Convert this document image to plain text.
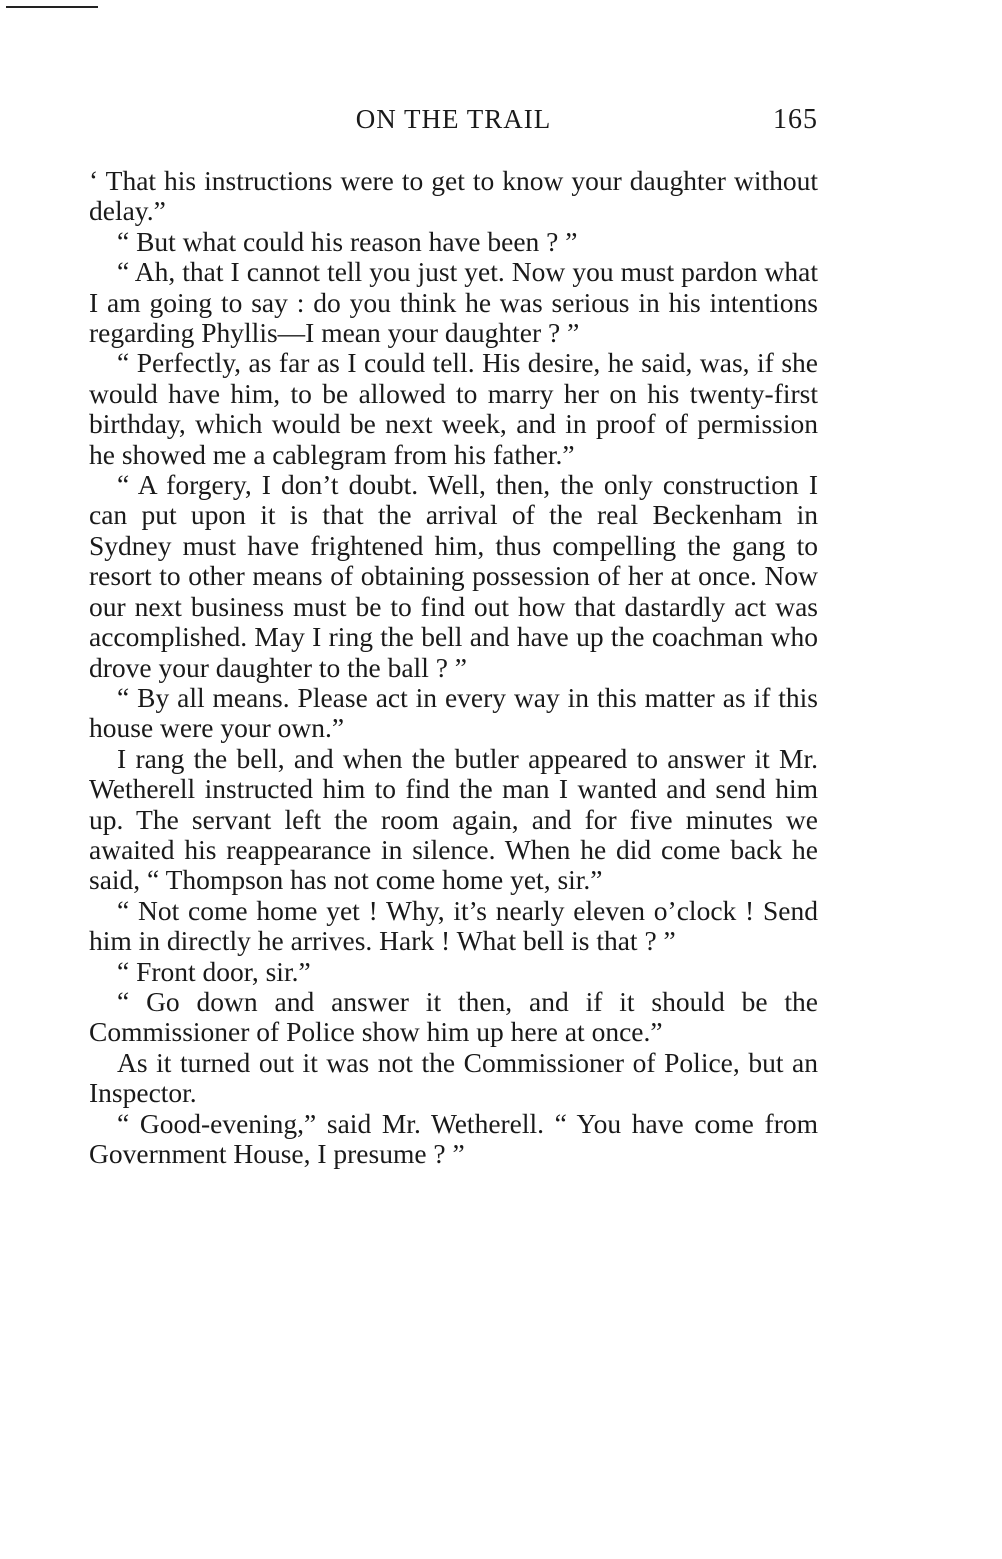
ON THE TRAIL	165

‘ That his instructions were to get to know your daughter without delay.”

“ But what could his reason have been ? ”

“ Ah, that I cannot tell you just yet. Now you must pardon what I am going to say : do you think he was serious in his intentions regarding Phyllis—I mean your daughter ? ”

“ Perfectly, as far as I could tell. His desire, he said, was, if she would have him, to be allowed to marry her on his twenty-first birthday, which would be next week, and in proof of permission he showed me a cablegram from his father.”

“ A forgery, I don’t doubt. Well, then, the only construction I can put upon it is that the arrival of the real Beckenham in Sydney must have frightened him, thus compelling the gang to resort to other means of obtaining possession of her at once. Now our next business must be to find out how that dastardly act was accomplished. May I ring the bell and have up the coachman who drove your daughter to the ball ? ”

“ By all means. Please act in every way in this matter as if this house were your own.”

I rang the bell, and when the butler appeared to answer it Mr. Wetherell instructed him to find the man I wanted and send him up. The servant left the room again, and for five minutes we awaited his reappearance in silence. When he did come back he said, “ Thompson has not come home yet, sir.”

“ Not come home yet ! Why, it’s nearly eleven o’clock ! Send him in directly he arrives. Hark ! What bell is that ? ”

“ Front door, sir.”

“ Go down and answer it then, and if it should be the Commissioner of Police show him up here at once.”

As it turned out it was not the Commissioner of Police, but an Inspector.

“ Good-evening,” said Mr. Wetherell. “ You have come from Government House, I presume ? ”
